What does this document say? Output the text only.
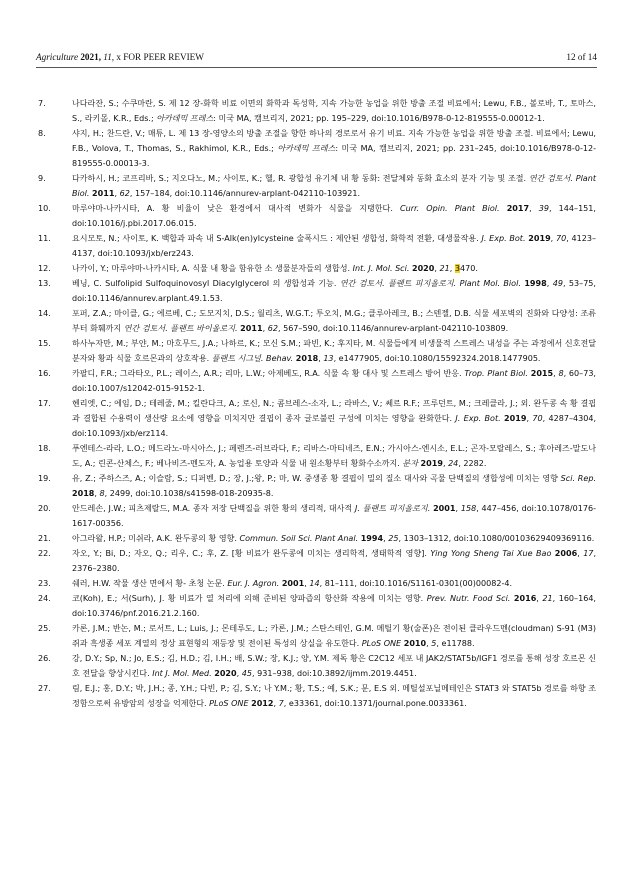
Agriculture 2021, 11, x FOR PEER REVIEW	12 of 14
7.	나다라잔, S.; 수쿠마란, S. 제 12 장-화학 비료 이면의 화학과 독성학, 지속 가능한 농업을 위한 방출 조절 비료에서; Lewu, F.B., 볼로바, T., 토마스, S., 라키몰, K.R., Eds.; 아카데믹 프레스: 미국 MA, 캠브리지, 2021; pp. 195–229, doi:10.1016/B978-0-12-819555-0.00012-1.
8.	샤지, H.; 찬드란, V.; 매튜, L. 제 13 장-영양소의 방출 조절을 향한 하나의 경로로서 유기 비료. 지속 가능한 농업을 위한 방출 조절. 비료에서; Lewu, F.B., Volova, T., Thomas, S., Rakhimol, K.R., Eds.; 아카데믹 프레스: 미국 MA, 캠브리지, 2021; pp. 231–245, doi:10.1016/B978-0-12-819555-0.00013-3.
9.	다카하시, H.; 코프리바, S.; 지오다노, M.; 사이토, K.; 헬, R. 광합성 유기체 내 황 동화: 전달체와 동화 효소의 분자 기능 및 조절. 연간 검토서. Plant Biol. 2011, 62, 157–184, doi:10.1146/annurev-arplant-042110-103921.
10.	마루야마-나카시타, A. 황 비율이 낮은 환경에서 대사적 변화가 식물을 지탱한다. Curr. Opin. Plant Biol. 2017, 39, 144–151, doi:10.1016/j.pbi.2017.06.015.
11.	요시모토, N.; 사이토, K. 백합과 파속 내 S-Alk(en)ylcysteine 술폭시드 : 제안된 생합성, 화학적 전환, 대생물작용. J. Exp. Bot. 2019, 70, 4123–4137, doi:10.1093/jxb/erz243.
12.	나카이, Y.; 마루야마-나카시타, A. 식물 내 황을 함유한 소 생물분자들의 생합성. Int. J. Mol. Sci. 2020, 21, 3470.
13.	베닝, C. Sulfolipid Sulfoquinovosyl Diacylglycerol 의 생합성과 기능. 연간 검토서. 플랜트 피지올로지. Plant Mol. Biol. 1998, 49, 53–75, doi:10.1146/annurev.arplant.49.1.53.
14.	포퍼, Z.A.; 마이클, G.; 에르베, C.; 도모지치, D.S.; 월리츠, W.G.T.; 투오치, M.G.; 클루아레크, B.; 스텐젤, D.B. 식물 세포벽의 진화와 다양성: 조류부터 화훼까지 연간 검토서. 플랜트 바이올로지. 2011, 62, 567–590, doi:10.1146/annurev-arplant-042110-103809.
15.	하사누자만, M.; 부얀, M.; 마흐무드, J.A.; 나하르, K.; 모신 S.M.; 파빈, K.; 후지타, M. 식물들에게 비생물적 스트레스 내성을 주는 과정에서 신호전달 분자와 황과 식물 호르몬과의 상호작용. 플랜트 시그널. Behav. 2018, 13, e1477905, doi:10.1080/15592324.2018.1477905.
16.	카팔디, F.R.; 그라타오, P.L.; 레이스, A.R.; 리마, L.W.; 아제베도, R.A. 식물 속 황 대사 및 스트레스 방어 반응. Trop. Plant Biol. 2015, 8, 60–73, doi:10.1007/s12042-015-9152-1.
17.	헨리엣, C.; 에임, D.; 테레줄, M.; 킬란다크, A.; 로신, N.; 콤브레스-소자, L.; 라바스, V.; 쎄르 R.F.; 프루던트, M.; 크레클라, J.; 외. 완두콩 속 황 결핍과 결합된 수용력이 생산량 요소에 영향을 미치지만 결핍이 종자 글로불린 구성에 미치는 영향을 완화한다. J. Exp. Bot. 2019, 70, 4287–4304, doi:10.1093/jxb/erz114.
18.	푸엔테스-라라, L.O.; 메드라노-마시아스, J.; 페렌즈-러브라다, F.; 리바스-마티네즈, E.N.; 가시아스-엔시소, E.L.; 곤자-모랄레스, S.; 후아레즈-말도나도, A.; 린콘-산체스, F.; 베나비즈-멘도자, A. 농업용 토양과 식물 내 원소황부터 황화수소까지. 분자 2019, 24, 2282.
19.	유, Z.; 주하스즈, A.; 이슬람, S.; 디퍼벤, D.; 장, J.;왕, P.; 마, W. 중생종 황 결핍이 밀의 질소 대사와 곡물 단백질의 생합성에 미치는 영향 Sci. Rep. 2018, 8, 2499, doi:10.1038/s41598-018-20935-8.
20.	안드레손, J.W.; 피츠제랄드, M.A. 종자 저장 단백질을 위한 황의 생리적, 대사적 J. 플랜트 피지올로지. 2001, 158, 447–456, doi:10.1078/0176-1617-00356.
21.	아그라왈, H.P.; 미쉬라, A.K. 완두콩의 황 영향. Commun. Soil Sci. Plant Anal. 1994, 25, 1303–1312, doi:10.1080/00103629409369116.
22.	자오, Y.; Bi, D.; 자오, Q.; 리우, C.; 후, Z. [황 비료가 완두콩에 미치는 생리학적, 생태학적 영향]. Ying Yong Sheng Tai Xue Bao 2006, 17, 2376–2380.
23.	쉐러, H.W. 작물 생산 면에서 황- 초청 논문. Eur. J. Agron. 2001, 14, 81–111, doi:10.1016/S1161-0301(00)00082-4.
24.	코(Koh), E.; 서(Surh), J. 황 비료가 열 처리에 의해 준비된 양파즙의 항산화 작용에 미치는 영향. Prev. Nutr. Food Sci. 2016, 21, 160–164, doi:10.3746/pnf.2016.21.2.160.
25.	카론, J.M.; 반논, M.; 로서트, L.; Luis, J.; 몬테루도, L.; 카론, J.M.; 스탄스테인, G.M. 메틸기 황(술폰)은 전이된 클라우드멘(cloudman) S-91 (M3) 쥐과 흑생종 세포 계열의 정상 표현형의 재등장 및 전이된 특성의 상실을 유도한다. PLoS ONE 2010, 5, e11788.
26.	강, D.Y.; Sp, N.; Jo, E.S.; 김, H.D.; 김, I.H.; 배, S.W.; 장, K.J.; 양, Y.M. 제독 황은 C2C12 세포 내 JAK2/STAT5b/IGF1 경로를 통해 성장 호르몬 신호 전달을 향상시킨다. Int J. Mol. Med. 2020, 45, 931–938, doi:10.3892/ijmm.2019.4451.
27.	림, E.J.; 홍, D.Y.; 박, J.H.; 종, Y.H.; 다빈, P.; 김, S.Y.; 나 Y.M.; 황, T.S.; 예, S.K.; 문, E.S 외. 메틸설포닐메테인은 STAT3 와 STAT5b 경로를 하향 조정함으로써 유방암의 성장을 억제한다. PLoS ONE 2012, 7, e33361, doi:10.1371/journal.pone.0033361.
